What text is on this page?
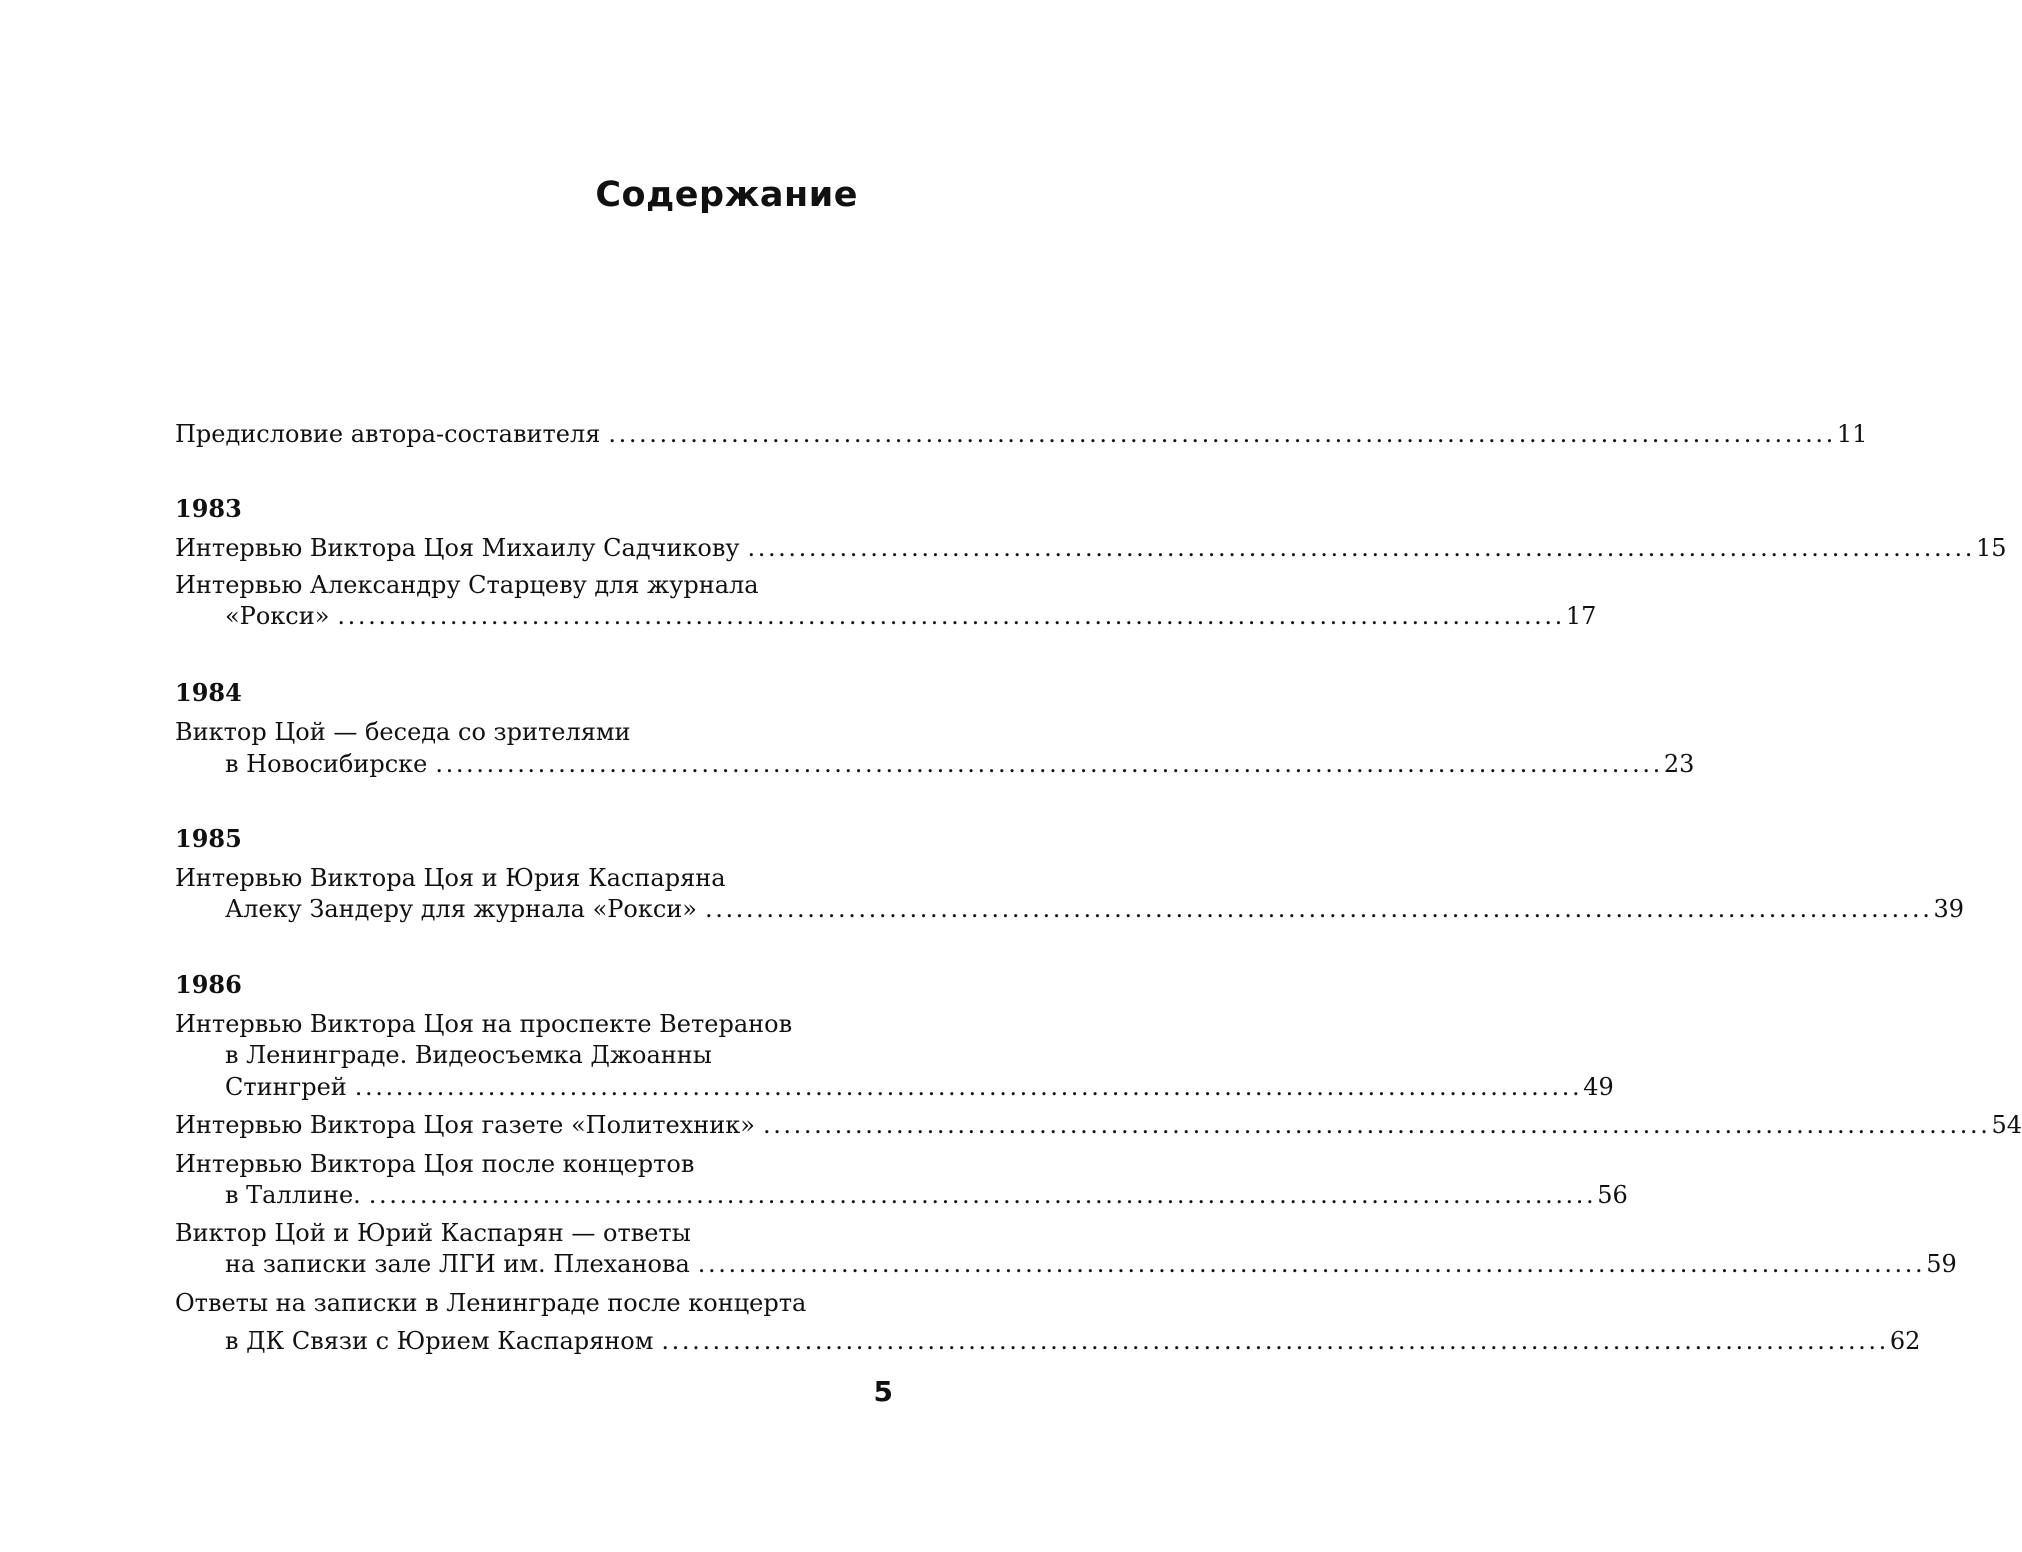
Содержание
Предисловие автора-составителя ........................................................................................................................ 11
1983
Интервью Виктора Цоя Михаилу Садчикову ........................................................................................................................ 15
Интервью Александру Старцеву для журнала
«Рокси» ........................................................................................................................ 17
1984
Виктор Цой — беседа со зрителями
в Новосибирске ........................................................................................................................ 23
1985
Интервью Виктора Цоя и Юрия Каспаряна
Алеку Зандеру для журнала «Рокси» ........................................................................................................................ 39
1986
Интервью Виктора Цоя на проспекте Ветеранов
в Ленинграде. Видеосъемка Джоанны
Стингрей ........................................................................................................................ 49
Интервью Виктора Цоя газете «Политехник» ........................................................................................................................ 54
Интервью Виктора Цоя после концертов
в Таллине. ........................................................................................................................ 56
Виктор Цой и Юрий Каспарян — ответы
на записки зале ЛГИ им. Плеханова ........................................................................................................................ 59
Ответы на записки в Ленинграде после концерта
в ДК Связи с Юрием Каспаряном ........................................................................................................................ 62
5
